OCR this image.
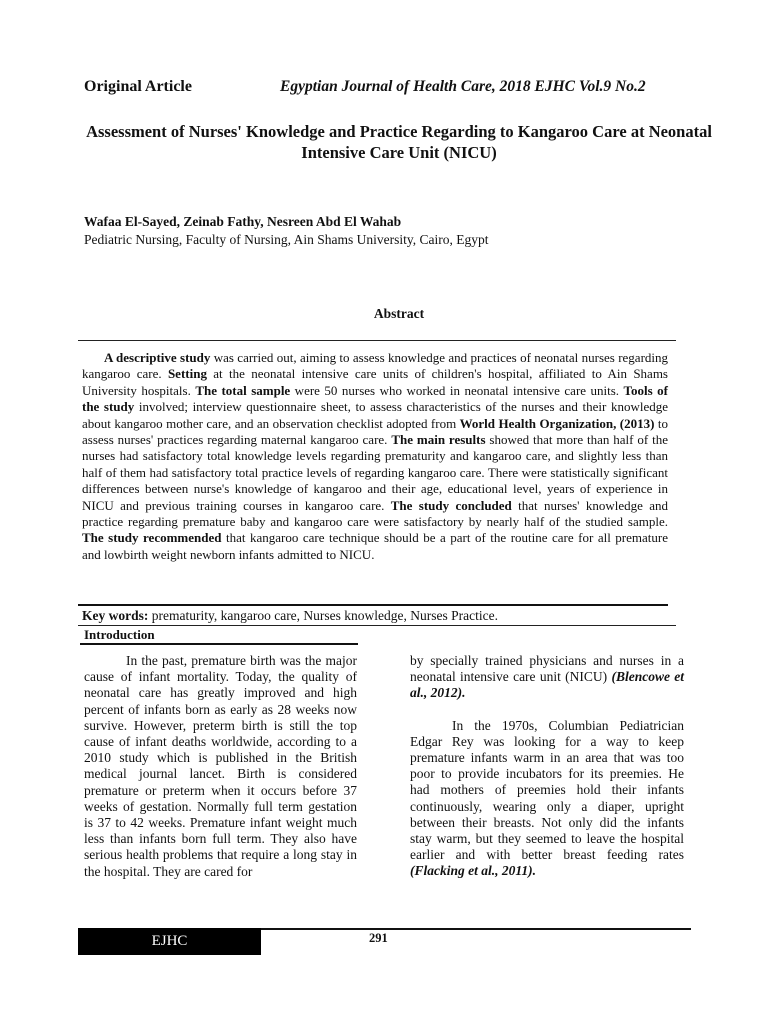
Original Article	Egyptian Journal of Health Care, 2018 EJHC Vol.9 No.2
Assessment of Nurses' Knowledge and Practice Regarding to Kangaroo Care at Neonatal Intensive Care Unit (NICU)
Wafaa El-Sayed, Zeinab Fathy, Nesreen Abd El Wahab
Pediatric Nursing, Faculty of Nursing, Ain Shams University, Cairo, Egypt
Abstract

A descriptive study was carried out, aiming to assess knowledge and practices of neonatal nurses regarding kangaroo care. Setting at the neonatal intensive care units of children's hospital, affiliated to Ain Shams University hospitals. The total sample were 50 nurses who worked in neonatal intensive care units. Tools of the study involved; interview questionnaire sheet, to assess characteristics of the nurses and their knowledge about kangaroo mother care, and an observation checklist adopted from World Health Organization, (2013) to assess nurses' practices regarding maternal kangaroo care. The main results showed that more than half of the nurses had satisfactory total knowledge levels regarding prematurity and kangaroo care, and slightly less than half of them had satisfactory total practice levels of regarding kangaroo care. There were statistically significant differences between nurse's knowledge of kangaroo and their age, educational level, years of experience in NICU and previous training courses in kangaroo care. The study concluded that nurses' knowledge and practice regarding premature baby and kangaroo care were satisfactory by nearly half of the studied sample. The study recommended that kangaroo care technique should be a part of the routine care for all premature and lowbirth weight newborn infants admitted to NICU.

Key words: prematurity, kangaroo care, Nurses knowledge, Nurses Practice.
Introduction

In the past, premature birth was the major cause of infant mortality. Today, the quality of neonatal care has greatly improved and high percent of infants born as early as 28 weeks now survive. However, preterm birth is still the top cause of infant deaths worldwide, according to a 2010 study which is published in the British medical journal lancet. Birth is considered premature or preterm when it occurs before 37 weeks of gestation. Normally full term gestation is 37 to 42 weeks. Premature infant weight much less than infants born full term. They also have serious health problems that require a long stay in the hospital. They are cared for

by specially trained physicians and nurses in a neonatal intensive care unit (NICU) (Blencowe et al., 2012).

In the 1970s, Columbian Pediatrician Edgar Rey was looking for a way to keep premature infants warm in an area that was too poor to provide incubators for its preemies. He had mothers of preemies hold their infants continuously, wearing only a diaper, upright between their breasts. Not only did the infants stay warm, but they seemed to leave the hospital earlier and with better breast feeding rates (Flacking et al., 2011).

EJHC	291
